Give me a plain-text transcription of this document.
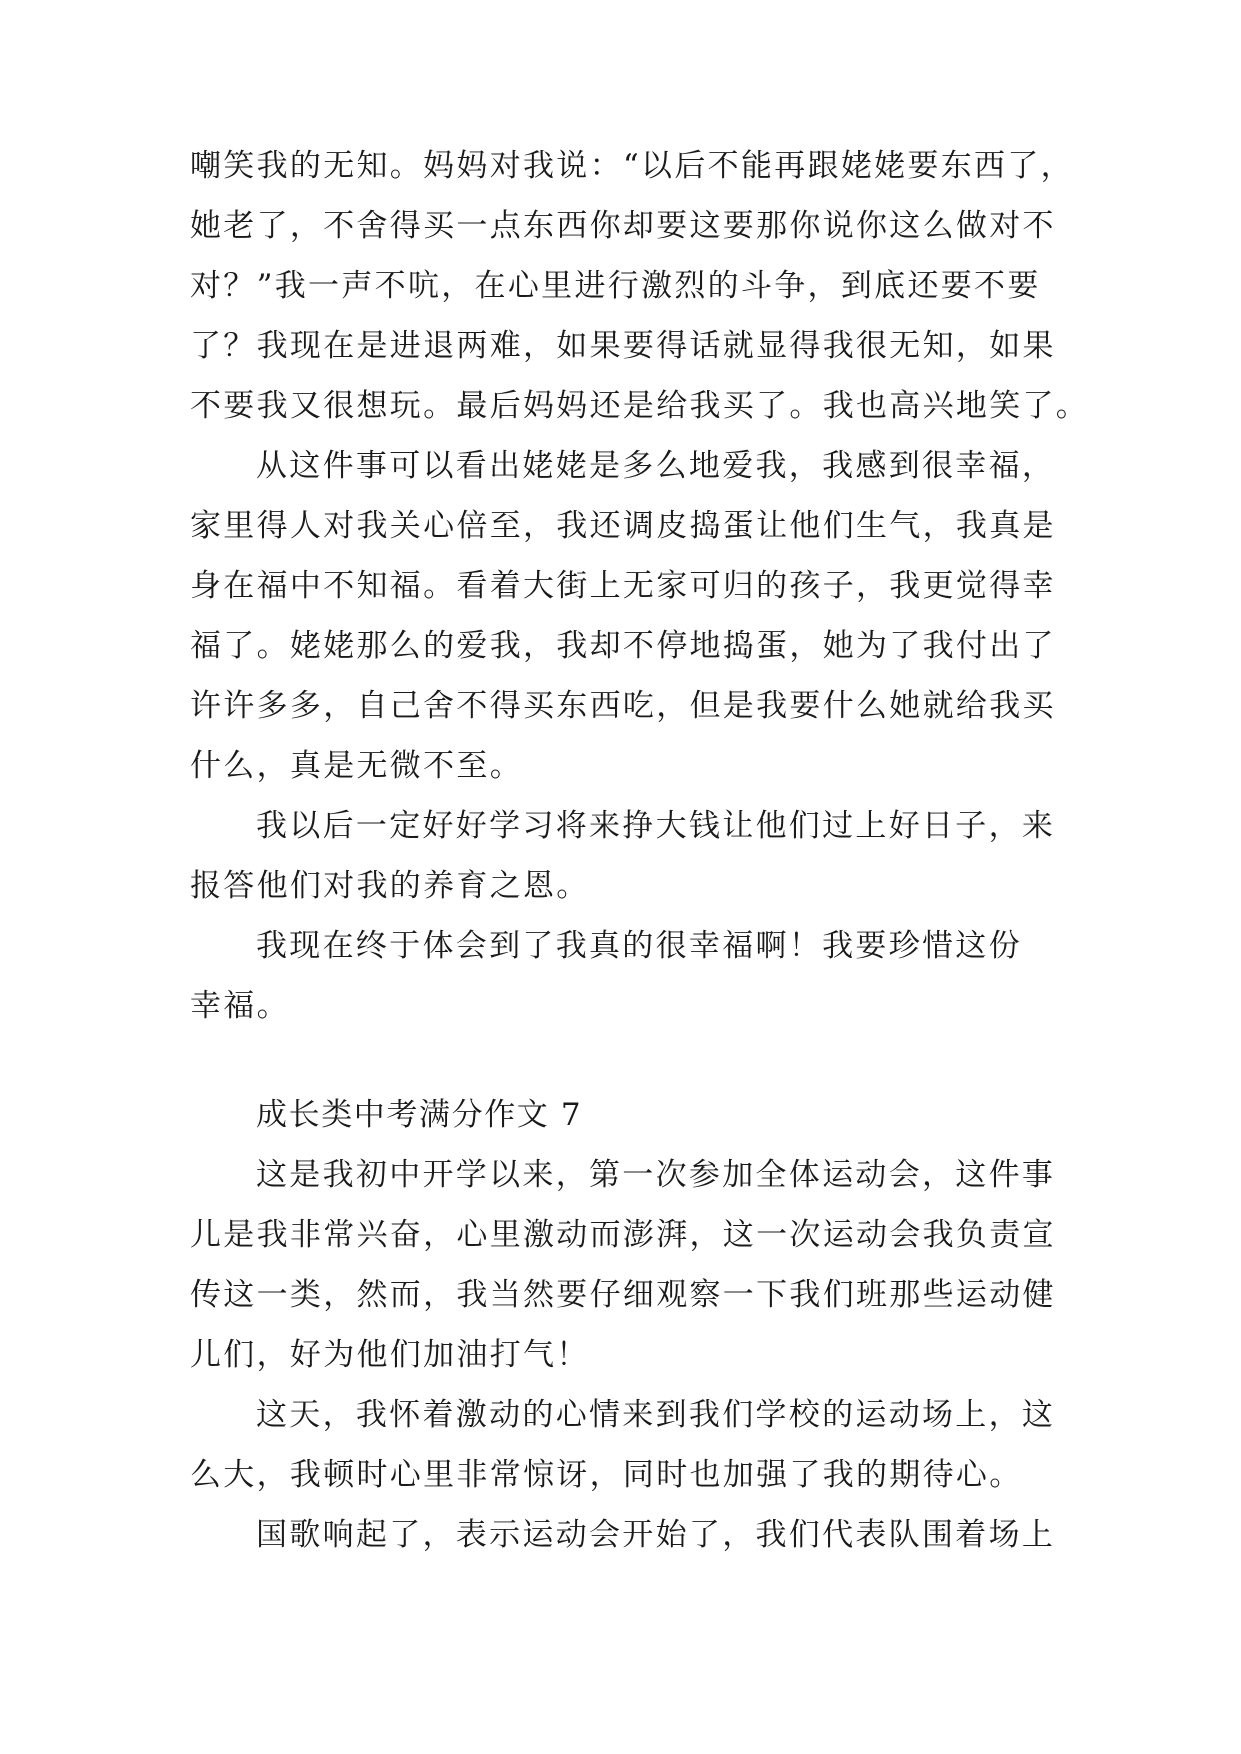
嘲笑我的无知。妈妈对我说：“以后不能再跟姥姥要东西了，
她老了，不舍得买一点东西你却要这要那你说你这么做对不
对？”我一声不吭，在心里进行激烈的斗争，到底还要不要
了？我现在是进退两难，如果要得话就显得我很无知，如果
不要我又很想玩。最后妈妈还是给我买了。我也高兴地笑了。
从这件事可以看出姥姥是多么地爱我，我感到很幸福，
家里得人对我关心倍至，我还调皮捣蛋让他们生气，我真是
身在福中不知福。看着大街上无家可归的孩子，我更觉得幸
福了。姥姥那么的爱我，我却不停地捣蛋，她为了我付出了
许许多多，自己舍不得买东西吃，但是我要什么她就给我买
什么，真是无微不至。
我以后一定好好学习将来挣大钱让他们过上好日子，来
报答他们对我的养育之恩。
我现在终于体会到了我真的很幸福啊！我要珍惜这份
幸福。
成长类中考满分作文 7
这是我初中开学以来，第一次参加全体运动会，这件事
儿是我非常兴奋，心里激动而澎湃，这一次运动会我负责宣
传这一类，然而，我当然要仔细观察一下我们班那些运动健
儿们，好为他们加油打气！
这天，我怀着激动的心情来到我们学校的运动场上，这
么大，我顿时心里非常惊讶，同时也加强了我的期待心。
国歌响起了，表示运动会开始了，我们代表队围着场上
